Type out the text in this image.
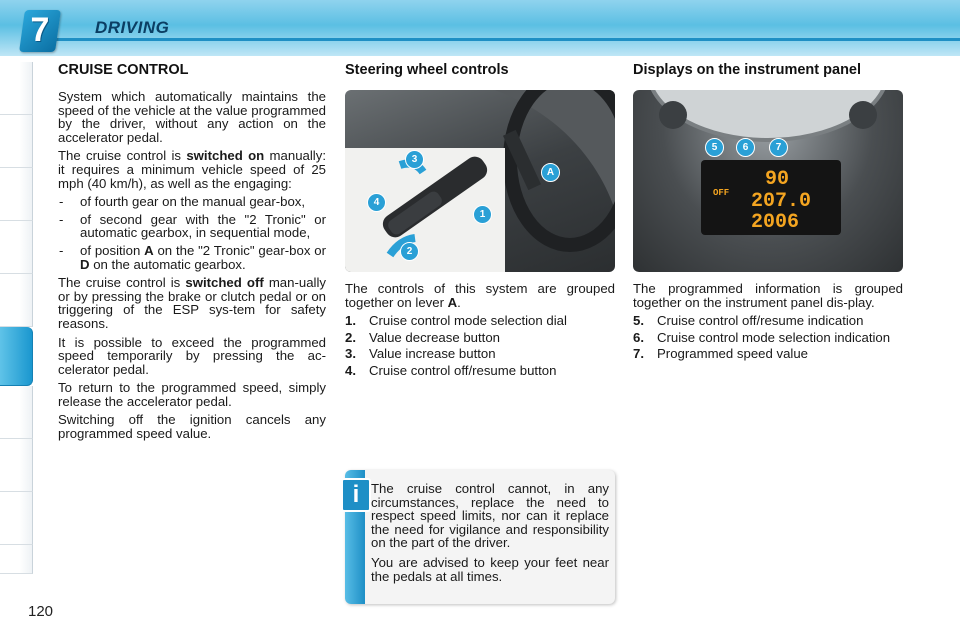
7	DRIVING
120
CRUISE CONTROL

System which automatically maintains the speed of the vehicle at the value programmed by the driver, without any action on the accelerator pedal.

The cruise control is switched on manually: it requires a minimum vehicle speed of 25 mph (40 km/h), as well as the engaging:

- of fourth gear on the manual gear-box,
- of second gear with the "2 Tronic" or automatic gearbox, in sequential mode,
- of position A on the "2 Tronic" gear-box or D on the automatic gearbox.

The cruise control is switched off man-ually or by pressing the brake or clutch pedal or on triggering of the ESP sys-tem for safety reasons.

It is possible to exceed the programmed speed temporarily by pressing the ac-celerator pedal.

To return to the programmed speed, simply release the accelerator pedal.

Switching off the ignition cancels any programmed speed value.

Steering wheel controls
3
4
1
2
A

The controls of this system are grouped together on lever A.

1. Cruise control mode selection dial
2. Value decrease button
3. Value increase button
4. Cruise control off/resume button
Displays on the instrument panel
OFF
90
207.0
2006
5	6	7

The programmed information is grouped together on the instrument panel dis-play.

5. Cruise control off/resume indication
6. Cruise control mode selection indication
7. Programmed speed value
i The cruise control cannot, in any circumstances, replace the need to respect speed limits, nor can it replace the need for vigilance and responsibility on the part of the driver.

You are advised to keep your feet near the pedals at all times.
